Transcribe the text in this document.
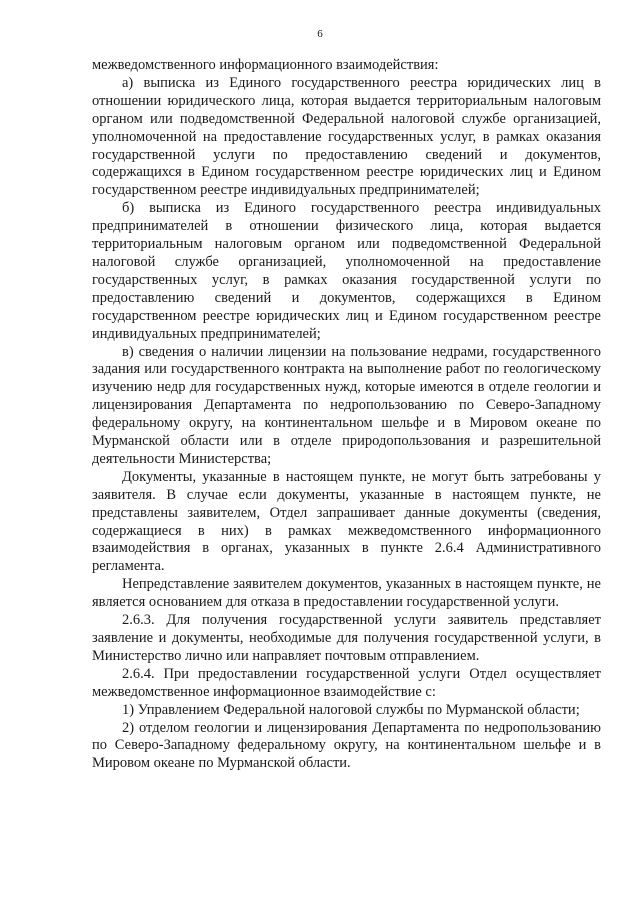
6

межведомственного информационного взаимодействия:

а) выписка из Единого государственного реестра юридических лиц в отношении юридического лица, которая выдается территориальным налоговым органом или подведомственной Федеральной налоговой службе организацией, уполномоченной на предоставление государственных услуг, в рамках оказания государственной услуги по предоставлению сведений и документов, содержащихся в Едином государственном реестре юридических лиц и Едином государственном реестре индивидуальных предпринимателей;

б) выписка из Единого государственного реестра индивидуальных предпринимателей в отношении физического лица, которая выдается территориальным налоговым органом или подведомственной Федеральной налоговой службе организацией, уполномоченной на предоставление государственных услуг, в рамках оказания государственной услуги по предоставлению сведений и документов, содержащихся в Едином государственном реестре юридических лиц и Едином государственном реестре индивидуальных предпринимателей;

в) сведения о наличии лицензии на пользование недрами, государственного задания или государственного контракта на выполнение работ по геологическому изучению недр для государственных нужд, которые имеются в отделе геологии и лицензирования Департамента по недропользованию по Северо-Западному федеральному округу, на континентальном шельфе и в Мировом океане по Мурманской области или в отделе природопользования и разрешительной деятельности Министерства;

Документы, указанные в настоящем пункте, не могут быть затребованы у заявителя. В случае если документы, указанные в настоящем пункте, не представлены заявителем, Отдел запрашивает данные документы (сведения, содержащиеся в них) в рамках межведомственного информационного взаимодействия в органах, указанных в пункте 2.6.4 Административного регламента.

Непредставление заявителем документов, указанных в настоящем пункте, не является основанием для отказа в предоставлении государственной услуги.

2.6.3. Для получения государственной услуги заявитель представляет заявление и документы, необходимые для получения государственной услуги, в Министерство лично или направляет почтовым отправлением.

2.6.4. При предоставлении государственной услуги Отдел осуществляет межведомственное информационное взаимодействие с:

1) Управлением Федеральной налоговой службы по Мурманской области;

2) отделом геологии и лицензирования Департамента по недропользованию по Северо-Западному федеральному округу, на континентальном шельфе и в Мировом океане по Мурманской области.
